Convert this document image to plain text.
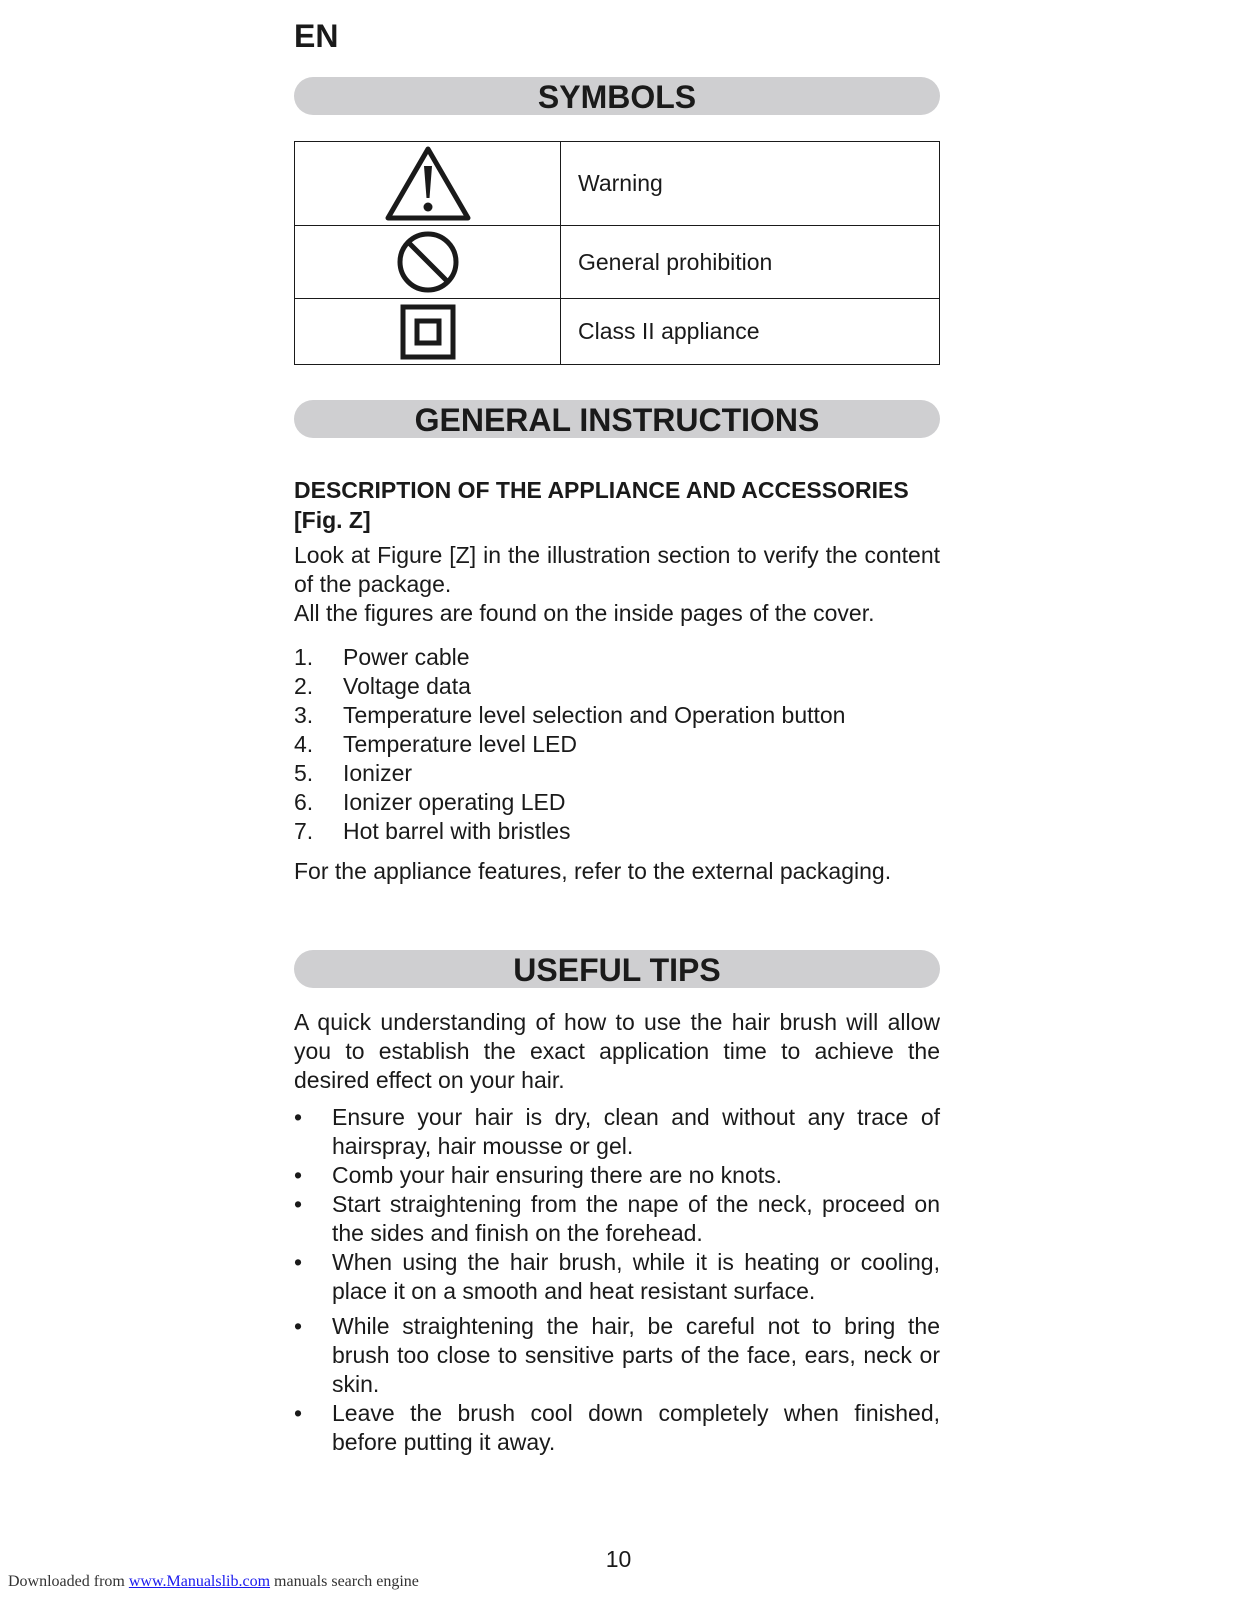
EN
SYMBOLS
Warning
General prohibition
Class II appliance
GENERAL INSTRUCTIONS
DESCRIPTION OF THE APPLIANCE AND ACCESSORIES [Fig. Z]
Look at Figure [Z] in the illustration section to verify the content of the package.
All the figures are found on the inside pages of the cover.
1. Power cable
2. Voltage data
3. Temperature level selection and Operation button
4. Temperature level LED
5. Ionizer
6. Ionizer operating LED
7. Hot barrel with bristles
For the appliance features, refer to the external packaging.
USEFUL TIPS
A quick understanding of how to use the hair brush will allow you to establish the exact application time to achieve the desired effect on your hair.
• Ensure your hair is dry, clean and without any trace of hairspray, hair mousse or gel.
• Comb your hair ensuring there are no knots.
• Start straightening from the nape of the neck, proceed on the sides and finish on the forehead.
• When using the hair brush, while it is heating or cooling, place it on a smooth and heat resistant surface.
• While straightening the hair, be careful not to bring the brush too close to sensitive parts of the face, ears, neck or skin.
• Leave the brush cool down completely when finished, before putting it away.
10
Downloaded from www.Manualslib.com manuals search engine
